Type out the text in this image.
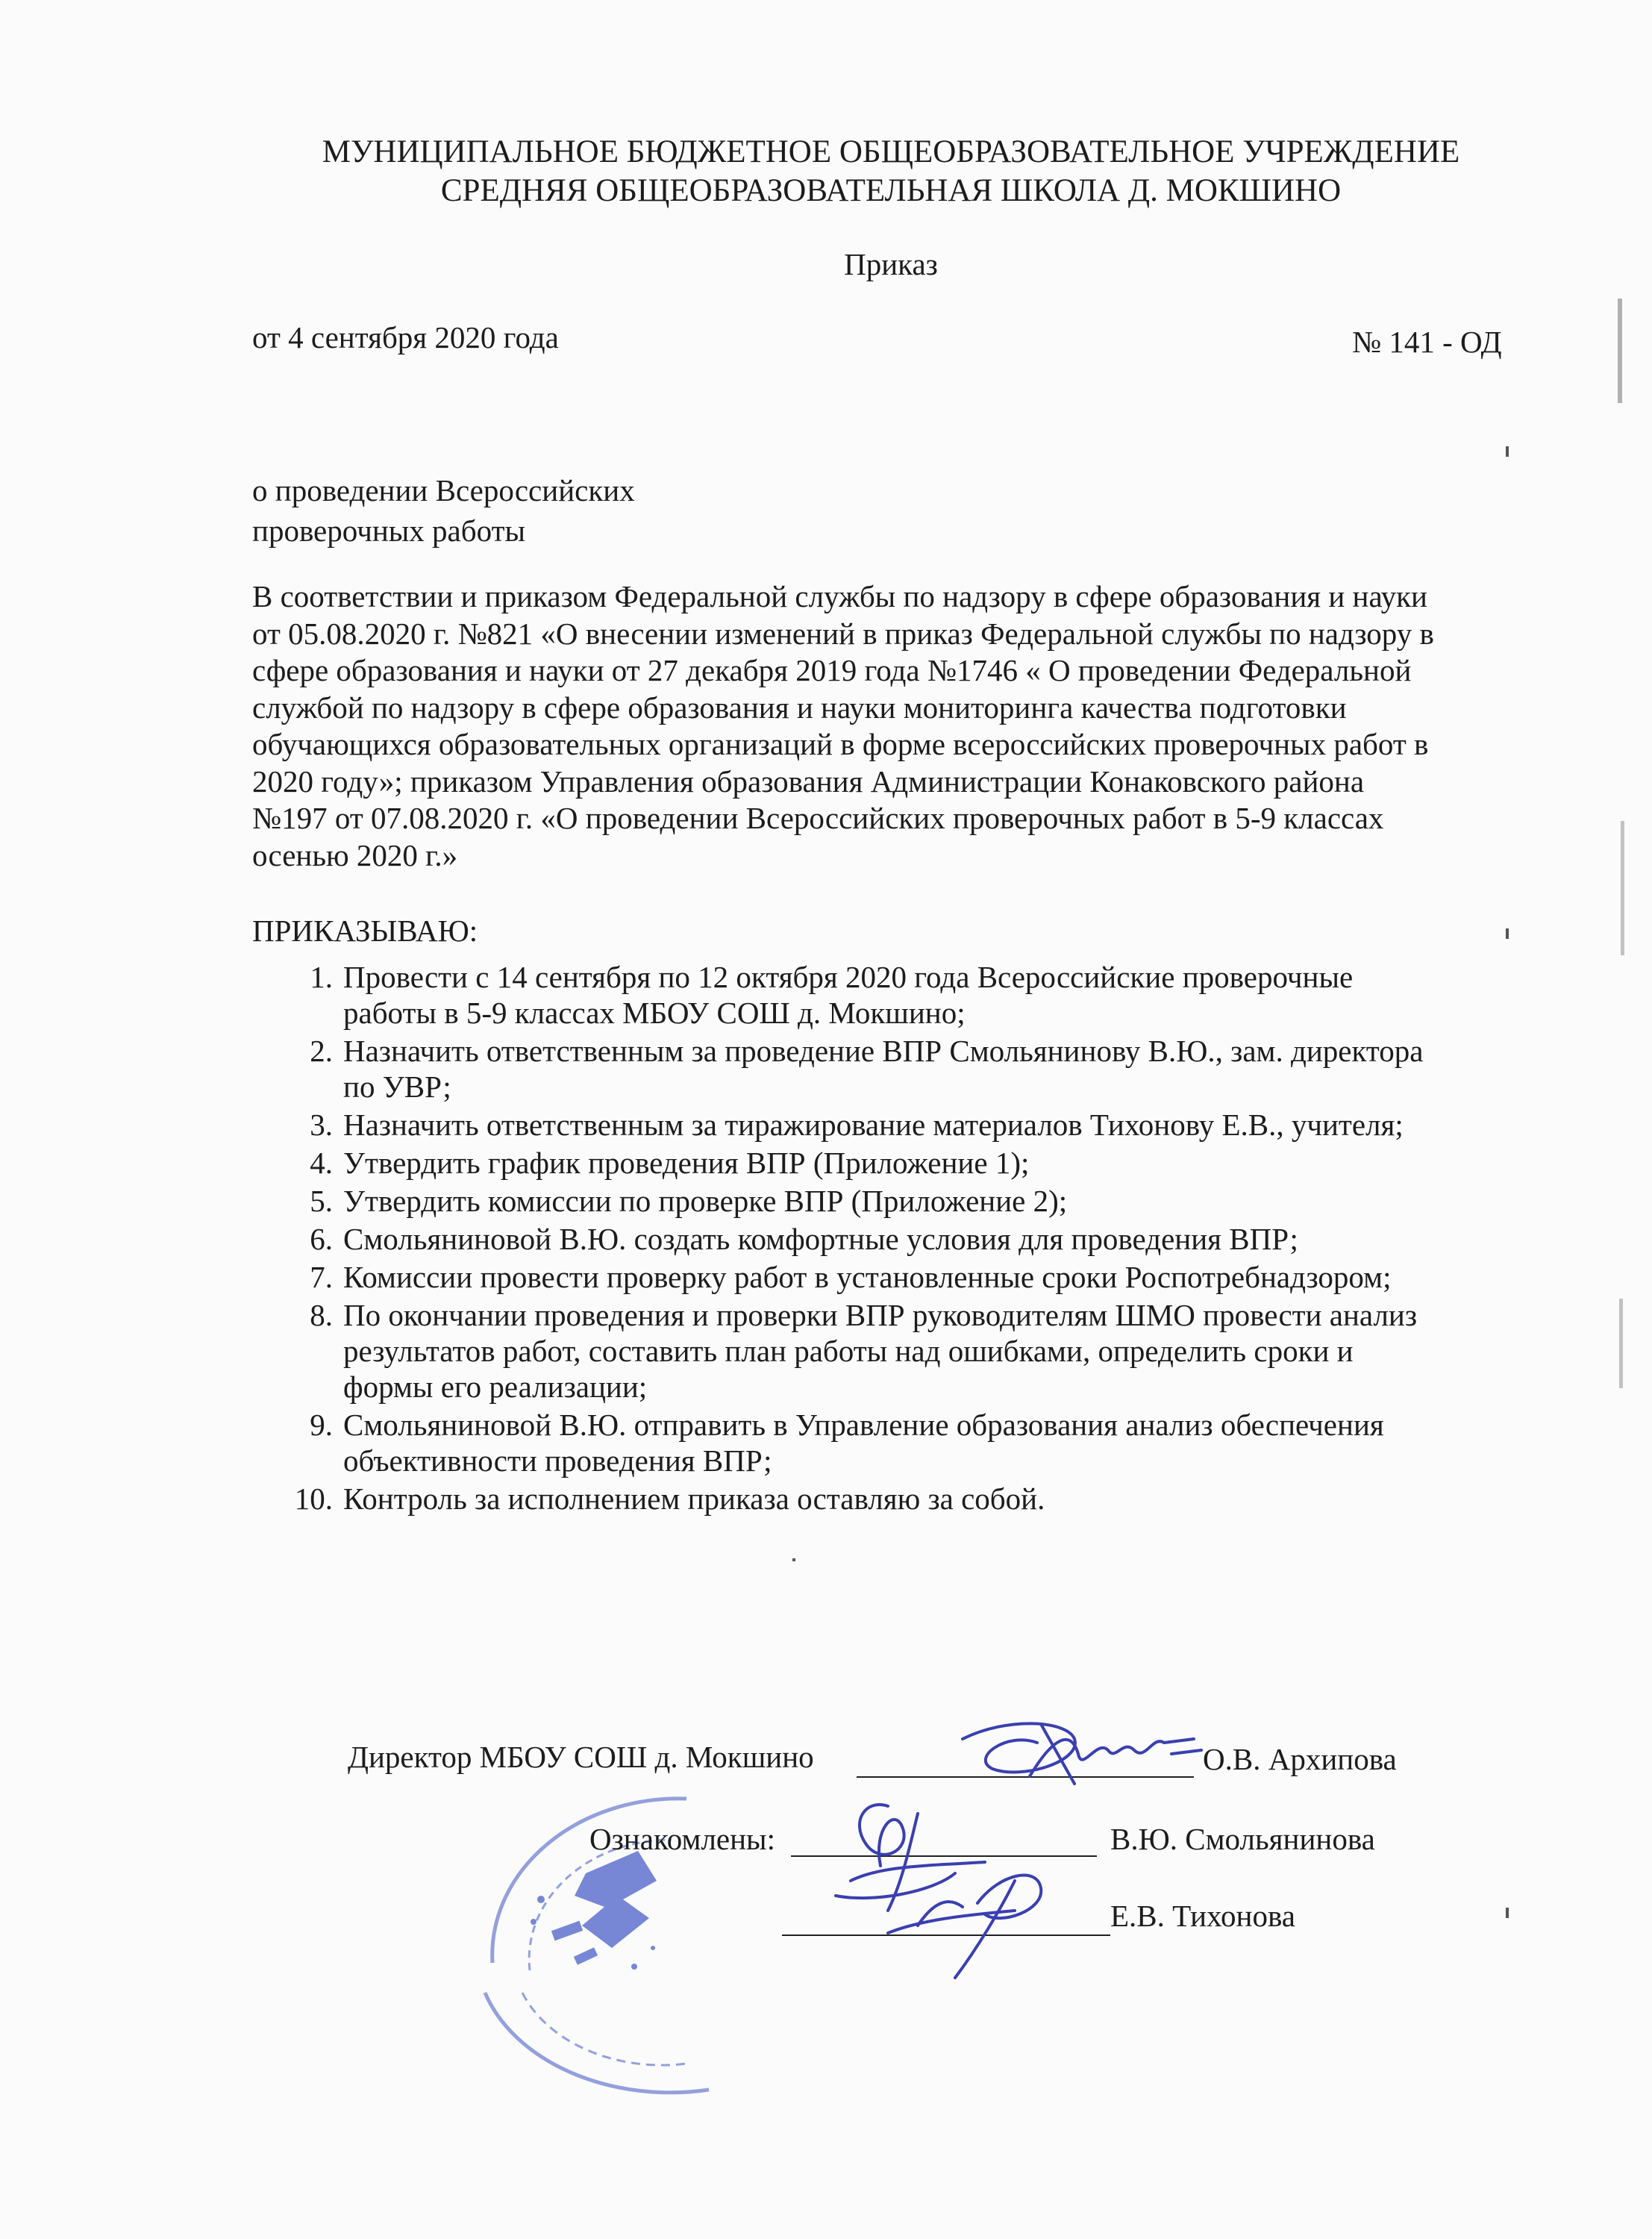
МУНИЦИПАЛЬНОЕ БЮДЖЕТНОЕ ОБЩЕОБРАЗОВАТЕЛЬНОЕ УЧРЕЖДЕНИЕ
СРЕДНЯЯ ОБЩЕОБРАЗОВАТЕЛЬНАЯ ШКОЛА Д. МОКШИНО
Приказ
от 4 сентября 2020 года	№ 141 - ОД
о проведении Всероссийских
проверочных работы
В соответствии и приказом Федеральной службы по надзору в сфере образования и науки
от 05.08.2020 г. №821 «О внесении изменений в приказ Федеральной службы по надзору в
сфере образования и науки от 27 декабря 2019 года №1746 « О проведении Федеральной
службой по надзору в сфере образования и науки мониторинга качества подготовки
обучающихся образовательных организаций в форме всероссийских проверочных работ в
2020 году»; приказом Управления образования Администрации Конаковского района
№197 от 07.08.2020 г. «О проведении Всероссийских проверочных работ в 5-9 классах
осенью 2020 г.»
ПРИКАЗЫВАЮ:
1. Провести с 14 сентября по 12 октября 2020 года Всероссийские проверочные
работы в 5-9 классах МБОУ СОШ д. Мокшино;
2. Назначить ответственным за проведение ВПР Смольянинову В.Ю., зам. директора
по УВР;
3. Назначить ответственным за тиражирование материалов Тихонову Е.В., учителя;
4. Утвердить график проведения ВПР (Приложение 1);
5. Утвердить комиссии по проверке ВПР (Приложение 2);
6. Смольяниновой В.Ю. создать комфортные условия для проведения ВПР;
7. Комиссии провести проверку работ в установленные сроки Роспотребнадзором;
8. По окончании проведения и проверки ВПР руководителям ШМО провести анализ
результатов работ, составить план работы над ошибками, определить сроки и
формы его реализации;
9. Смольяниновой В.Ю. отправить в Управление образования анализ обеспечения
объективности проведения ВПР;
10. Контроль за исполнением приказа оставляю за собой.
Директор МБОУ СОШ д. Мокшино	О.В. Архипова
Ознакомлены:	В.Ю. Смольянинова
Е.В. Тихонова
